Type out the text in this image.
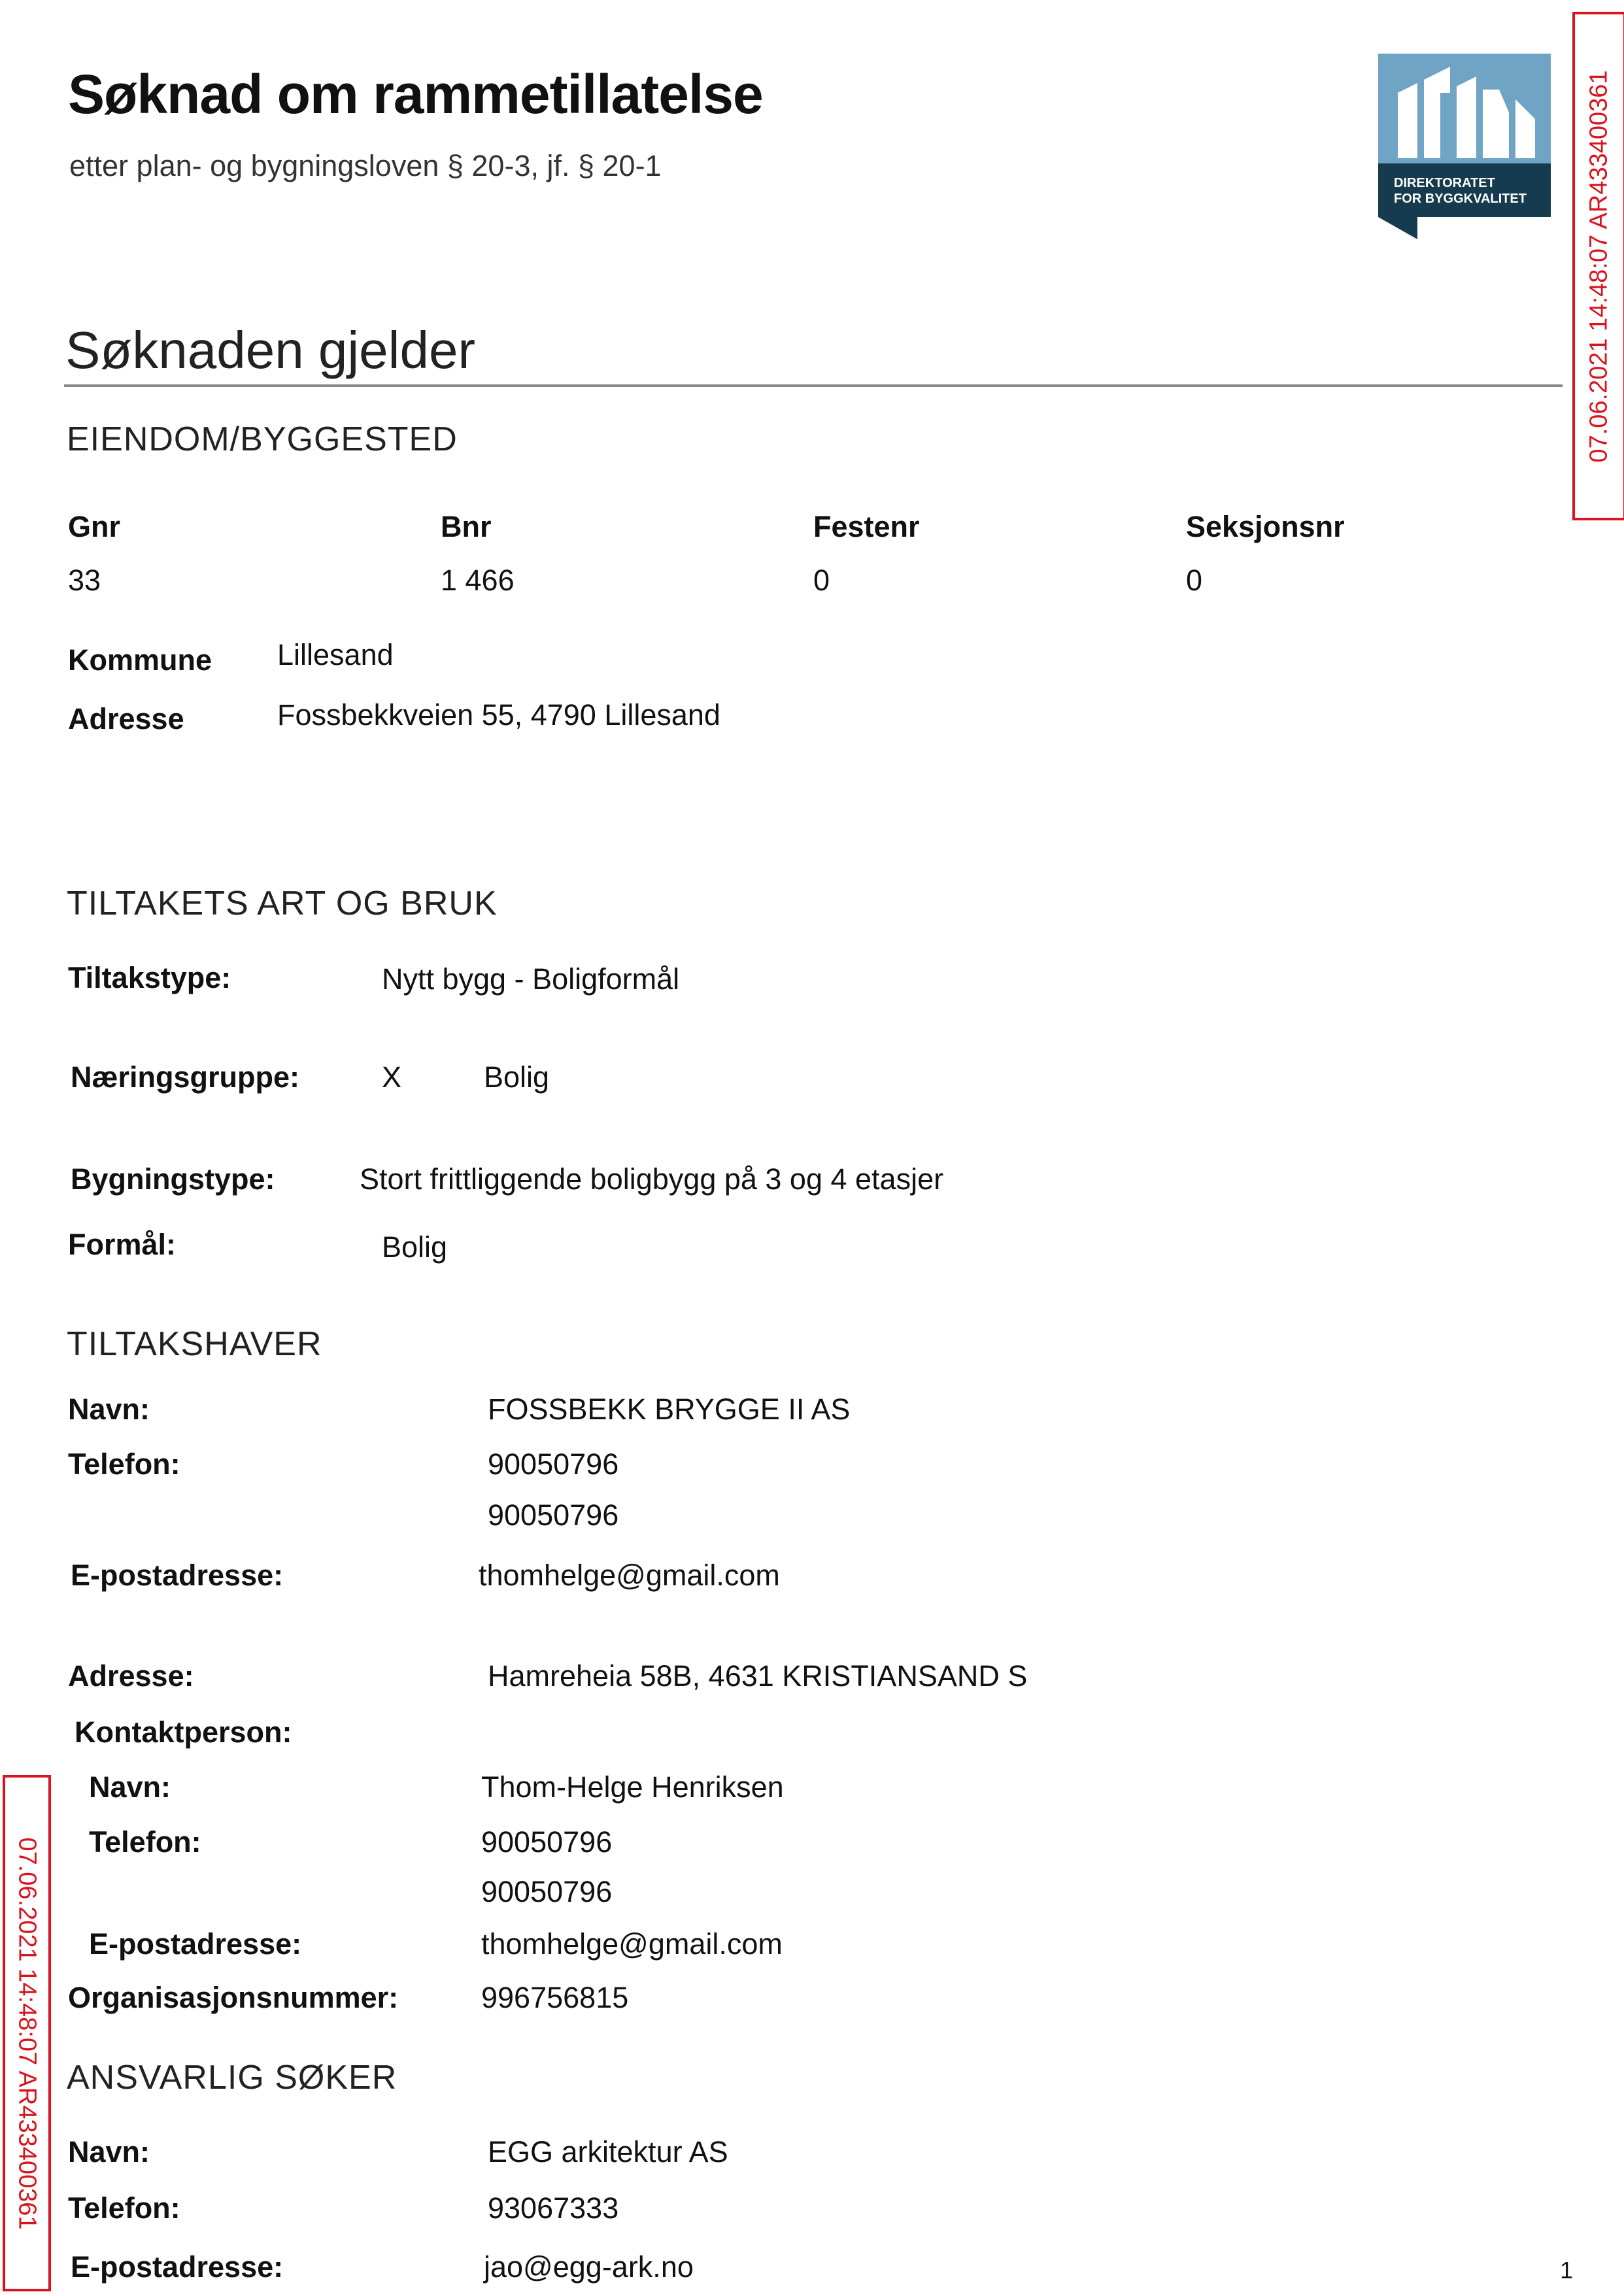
Søknad om rammetillatelse
etter plan- og bygningsloven § 20-3, jf. § 20-1
DIREKTORATET
FOR BYGGKVALITET 07.06.2021 14:48:07 AR433400361
07.06.2021 14:48:07 AR433400361
Søknaden gjelder
EIENDOM/BYGGESTED
Gnr	Bnr	Festenr	Seksjonsnr
33	1 466	0	0
Kommune Lillesand
Adresse	Fossbekkveien 55, 4790 Lillesand
TILTAKETS ART OG BRUK
Tiltakstype:	Nytt bygg - Boligformål
Næringsgruppe:	X	Bolig
Bygningstype:	Stort frittliggende boligbygg på 3 og 4 etasjer
Formål:	Bolig
TILTAKSHAVER
Navn:	FOSSBEKK BRYGGE II AS
Telefon:	90050796
90050796
E-postadresse:	thomhelge@gmail.com
Adresse:	Hamreheia 58B, 4631 KRISTIANSAND S
Kontaktperson:
Navn:	Thom-Helge Henriksen
Telefon:	90050796
90050796
E-postadresse:	thomhelge@gmail.com
Organisasjonsnummer:	996756815
ANSVARLIG SØKER
Navn:	EGG arkitektur AS
Telefon:	93067333
E-postadresse:	jao@egg-ark.no	1
